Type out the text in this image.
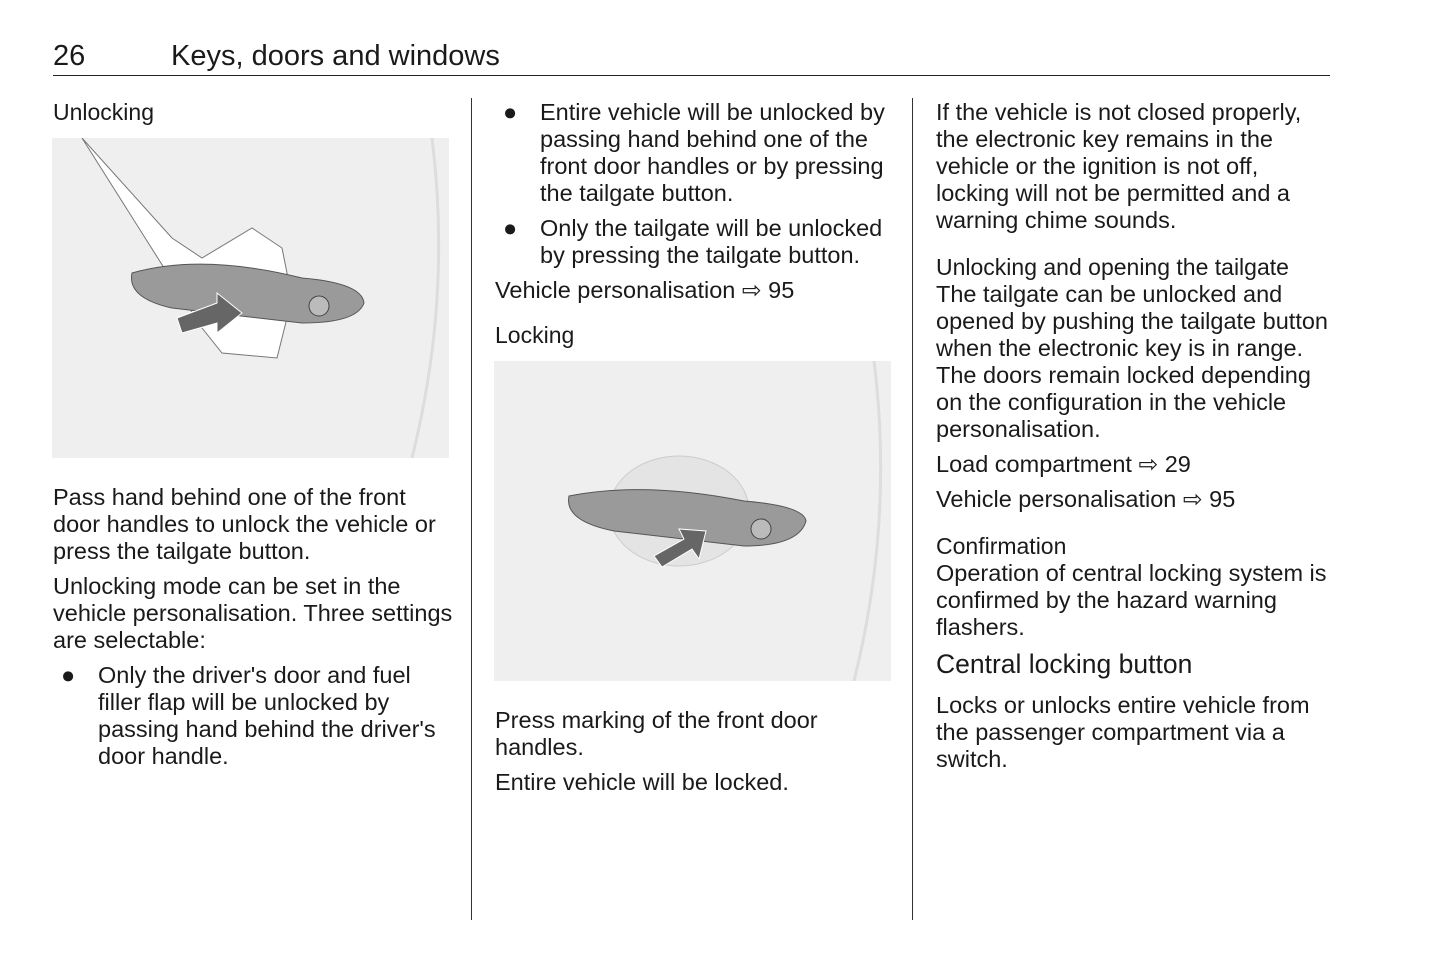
26	Keys, doors and windows
Unlocking

Pass hand behind one of the front door handles to unlock the vehicle or press the tailgate button.

Unlocking mode can be set in the vehicle personalisation. Three settings are selectable:

● Only the driver's door and fuel filler flap will be unlocked by passing hand behind the driver's door handle.
● Entire vehicle will be unlocked by passing hand behind one of the front door handles or by pressing the tailgate button.
● Only the tailgate will be unlocked by pressing the tailgate button.

Vehicle personalisation ⇨ 95

Locking

Press marking of the front door handles.

Entire vehicle will be locked.

If the vehicle is not closed properly, the electronic key remains in the vehicle or the ignition is not off, locking will not be permitted and a warning chime sounds.

Unlocking and opening the tailgate

The tailgate can be unlocked and opened by pushing the tailgate button when the electronic key is in range. The doors remain locked depending on the configuration in the vehicle personalisation.

Load compartment ⇨ 29

Vehicle personalisation ⇨ 95

Confirmation

Operation of central locking system is confirmed by the hazard warning flashers.

Central locking button

Locks or unlocks entire vehicle from the passenger compartment via a switch.
